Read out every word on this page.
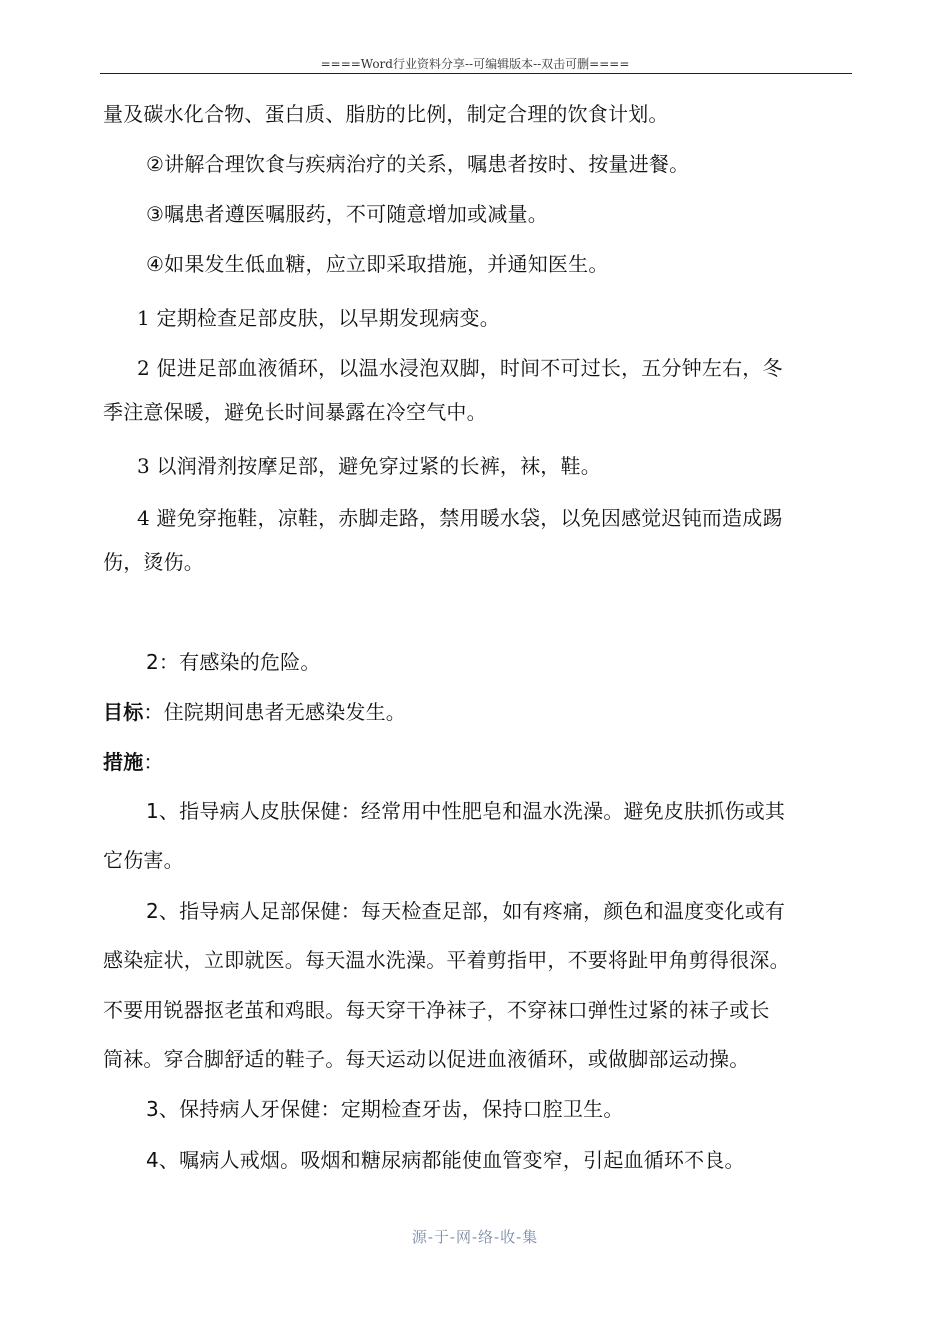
====Word行业资料分享--可编辑版本--双击可删====
量及碳水化合物、蛋白质、脂肪的比例，制定合理的饮食计划。
②讲解合理饮食与疾病治疗的关系，嘱患者按时、按量进餐。
③嘱患者遵医嘱服药，不可随意增加或减量。
④如果发生低血糖，应立即采取措施，并通知医生。
1 定期检查足部皮肤，以早期发现病变。
2 促进足部血液循环，以温水浸泡双脚，时间不可过长，五分钟左右，冬
季注意保暖，避免长时间暴露在冷空气中。
3 以润滑剂按摩足部，避免穿过紧的长裤，袜，鞋。
4 避免穿拖鞋，凉鞋，赤脚走路，禁用暖水袋，以免因感觉迟钝而造成踢
伤，烫伤。
2：有感染的危险。
目标：住院期间患者无感染发生。
措施：
1、指导病人皮肤保健：经常用中性肥皂和温水洗澡。避免皮肤抓伤或其
它伤害。
2、指导病人足部保健：每天检查足部，如有疼痛，颜色和温度变化或有
感染症状，立即就医。每天温水洗澡。平着剪指甲，不要将趾甲角剪得很深。
不要用锐器抠老茧和鸡眼。每天穿干净袜子，不穿袜口弹性过紧的袜子或长
筒袜。穿合脚舒适的鞋子。每天运动以促进血液循环，或做脚部运动操。
3、保持病人牙保健：定期检查牙齿，保持口腔卫生。
4、嘱病人戒烟。吸烟和糖尿病都能使血管变窄，引起血循环不良。
源-于-网-络-收-集
